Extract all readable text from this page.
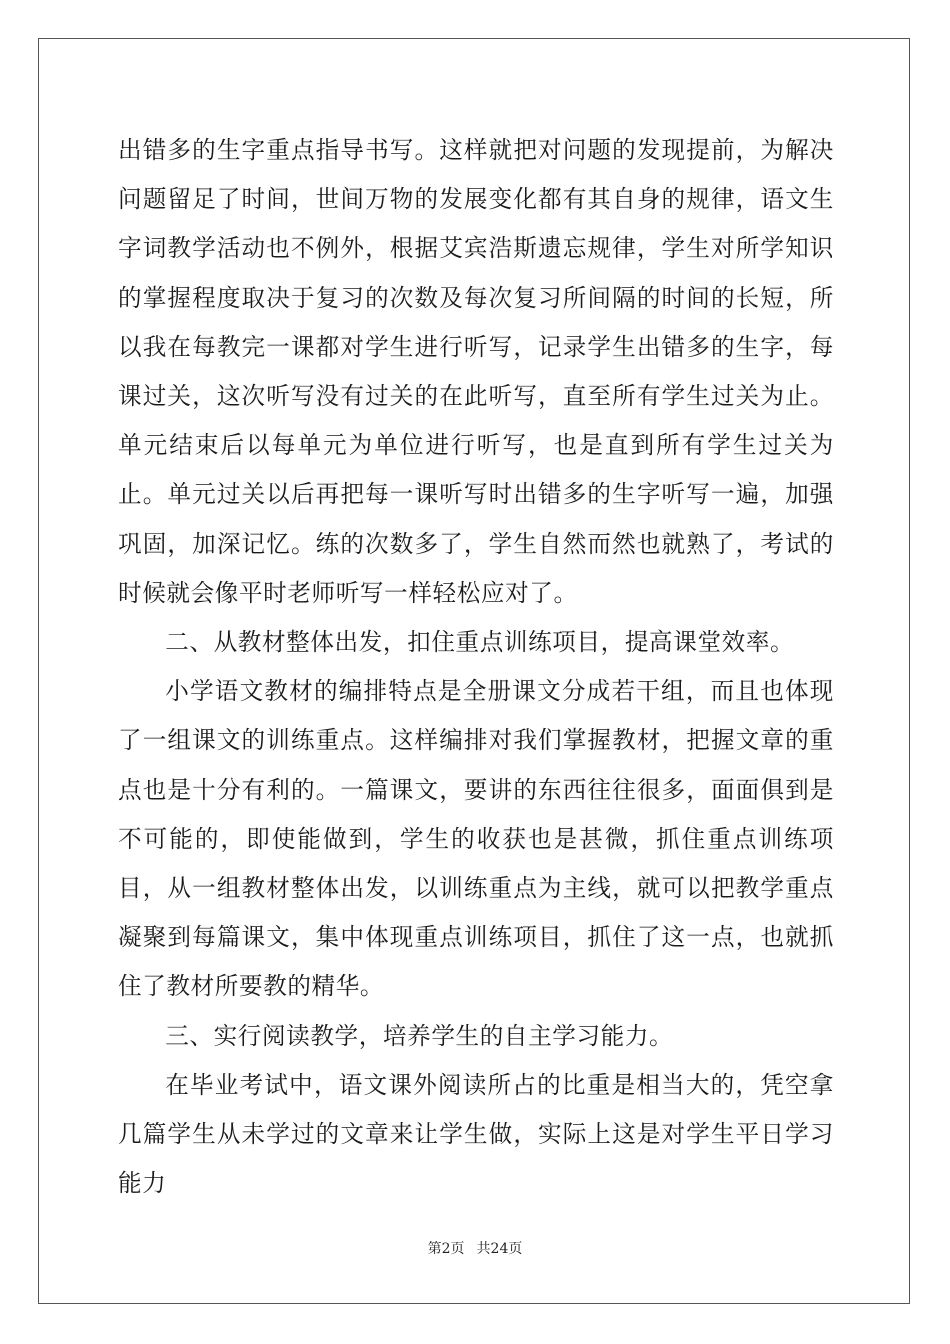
出错多的生字重点指导书写。这样就把对问题的发现提前，为解决问题留足了时间，世间万物的发展变化都有其自身的规律，语文生字词教学活动也不例外，根据艾宾浩斯遗忘规律，学生对所学知识的掌握程度取决于复习的次数及每次复习所间隔的时间的长短，所以我在每教完一课都对学生进行听写，记录学生出错多的生字，每课过关，这次听写没有过关的在此听写，直至所有学生过关为止。单元结束后以每单元为单位进行听写，也是直到所有学生过关为止。单元过关以后再把每一课听写时出错多的生字听写一遍，加强巩固，加深记忆。练的次数多了，学生自然而然也就熟了，考试的时候就会像平时老师听写一样轻松应对了。

二、从教材整体出发，扣住重点训练项目，提高课堂效率。

小学语文教材的编排特点是全册课文分成若干组，而且也体现了一组课文的训练重点。这样编排对我们掌握教材，把握文章的重点也是十分有利的。一篇课文，要讲的东西往往很多，面面俱到是不可能的，即使能做到，学生的收获也是甚微，抓住重点训练项目，从一组教材整体出发，以训练重点为主线，就可以把教学重点凝聚到每篇课文，集中体现重点训练项目，抓住了这一点，也就抓住了教材所要教的精华。

三、实行阅读教学，培养学生的自主学习能力。

在毕业考试中，语文课外阅读所占的比重是相当大的，凭空拿几篇学生从未学过的文章来让学生做，实际上这是对学生平日学习能力

第2页 共24页
